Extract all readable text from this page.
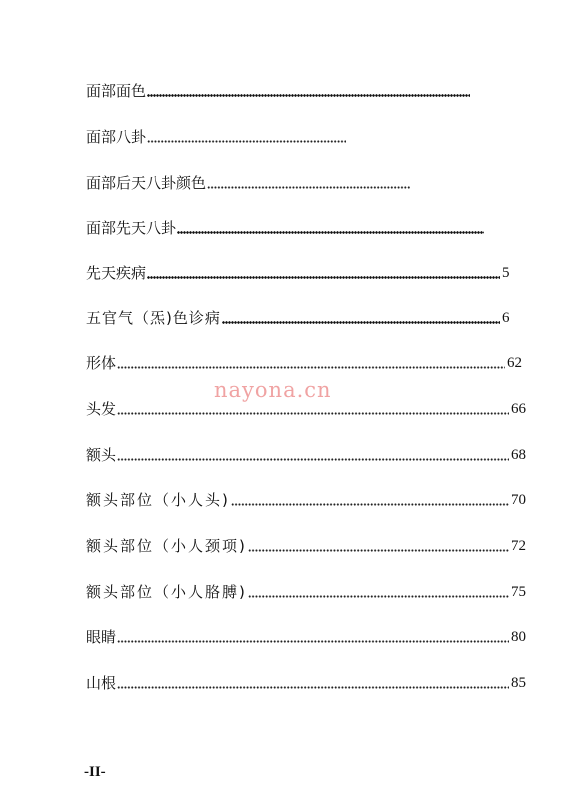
面部面色
面部八卦
面部后天八卦颜色
面部先天八卦
先天疾病	5
五官气（炁)色诊病	6
形体	62
头发	66
额头	68
额头部位（小人头)	70
额头部位（小人颈项)	72
额头部位（小人胳膊)	75
眼睛	80
山根	85
nayona.cn
-II-
